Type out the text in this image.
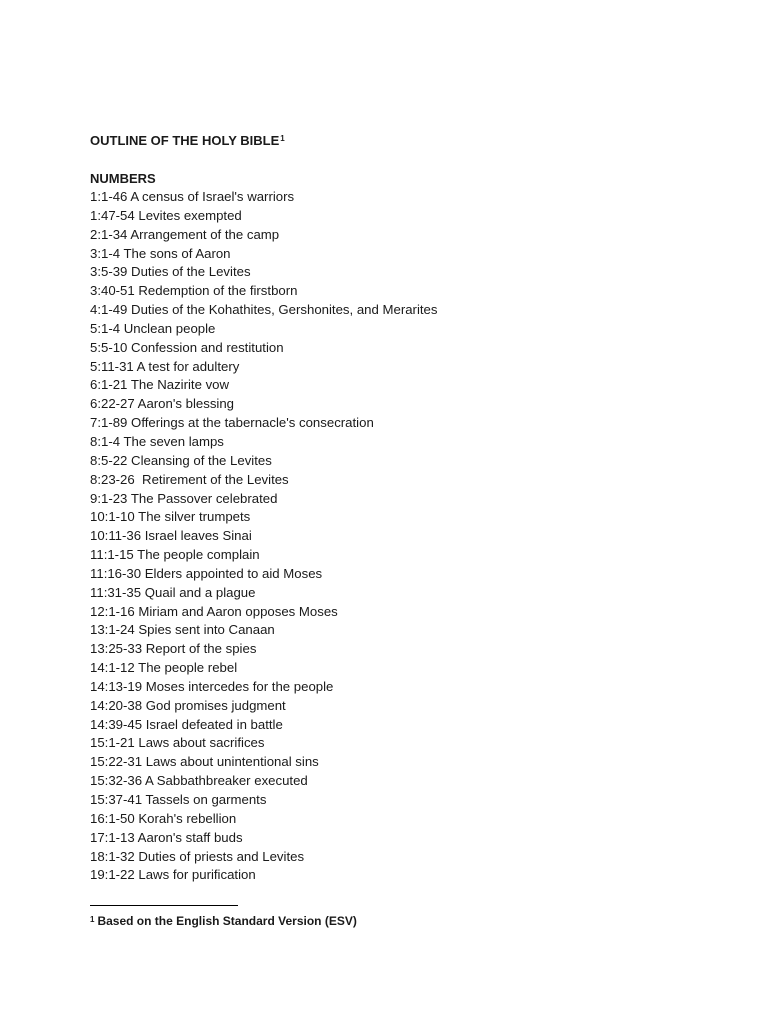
OUTLINE OF THE HOLY BIBLE$^1$
NUMBERS
1:1-46 A census of Israel's warriors
1:47-54 Levites exempted
2:1-34 Arrangement of the camp
3:1-4 The sons of Aaron
3:5-39 Duties of the Levites
3:40-51 Redemption of the firstborn
4:1-49 Duties of the Kohathites, Gershonites, and Merarites
5:1-4 Unclean people
5:5-10 Confession and restitution
5:11-31 A test for adultery
6:1-21 The Nazirite vow
6:22-27 Aaron's blessing
7:1-89 Offerings at the tabernacle's consecration
8:1-4 The seven lamps
8:5-22 Cleansing of the Levites
8:23-26  Retirement of the Levites
9:1-23 The Passover celebrated
10:1-10 The silver trumpets
10:11-36 Israel leaves Sinai
11:1-15 The people complain
11:16-30 Elders appointed to aid Moses
11:31-35 Quail and a plague
12:1-16 Miriam and Aaron opposes Moses
13:1-24 Spies sent into Canaan
13:25-33 Report of the spies
14:1-12 The people rebel
14:13-19 Moses intercedes for the people
14:20-38 God promises judgment
14:39-45 Israel defeated in battle
15:1-21 Laws about sacrifices
15:22-31 Laws about unintentional sins
15:32-36 A Sabbathbreaker executed
15:37-41 Tassels on garments
16:1-50 Korah's rebellion
17:1-13 Aaron's staff buds
18:1-32 Duties of priests and Levites
19:1-22 Laws for purification
$^1$ Based on the English Standard Version (ESV)
